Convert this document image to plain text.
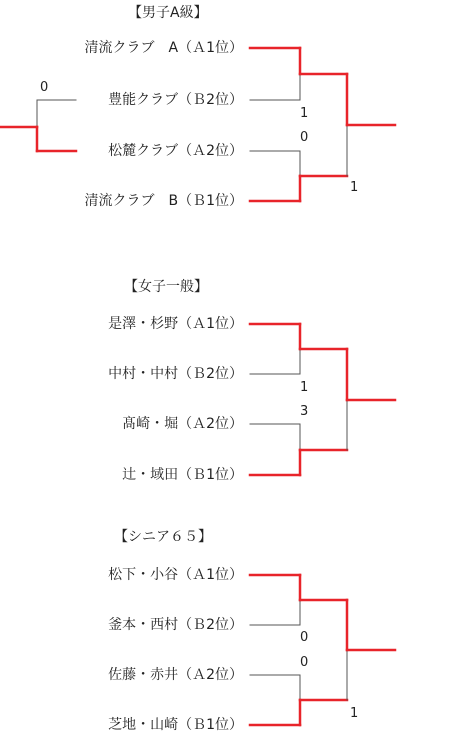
【男子A級】
清流クラブ　A（Ａ1位）
豊能クラブ（Ｂ2位）
松麓クラブ（Ａ2位）
清流クラブ　B（Ｂ1位）
1
0
1
0
【女子一般】
是澤・杉野（Ａ1位）
中村・中村（Ｂ2位）
髙崎・堀（Ａ2位）
辻・域田（Ｂ1位）
1
3
【シニア６５】
松下・小谷（Ａ1位）
釜本・西村（Ｂ2位）
佐藤・赤井（Ａ2位）
芝地・山崎（Ｂ1位）
0
0
1
